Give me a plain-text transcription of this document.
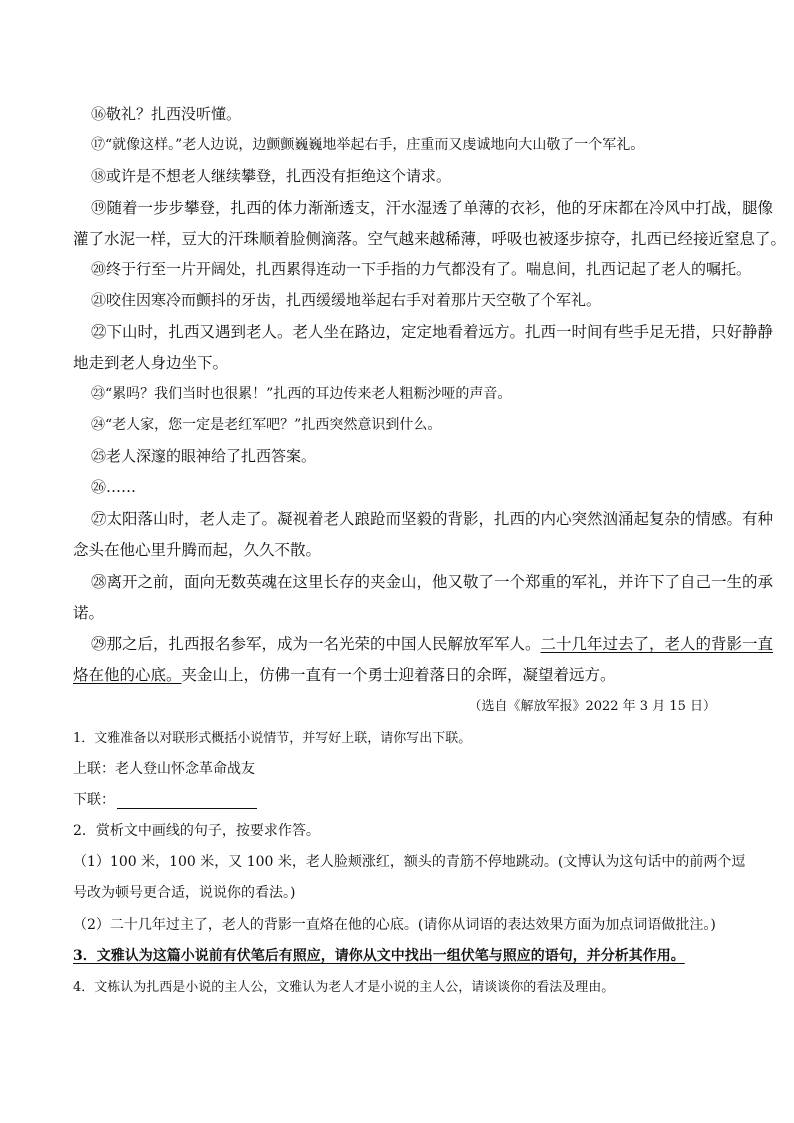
⑯敬礼？扎西没听懂。
⑰“就像这样。”老人边说，边颤颤巍巍地举起右手，庄重而又虔诚地向大山敬了一个军礼。
⑱或许是不想老人继续攀登，扎西没有拒绝这个请求。
⑲随着一步步攀登，扎西的体力渐渐透支，汗水湿透了单薄的衣衫，他的牙床都在冷风中打战，腿像
灌了水泥一样，豆大的汗珠顺着脸侧滴落。空气越来越稀薄，呼吸也被逐步掠夺，扎西已经接近窒息了。
⑳终于行至一片开阔处，扎西累得连动一下手指的力气都没有了。喘息间，扎西记起了老人的嘱托。
㉑咬住因寒冷而颤抖的牙齿，扎西缓缓地举起右手对着那片天空敬了个军礼。
㉒下山时，扎西又遇到老人。老人坐在路边，定定地看着远方。扎西一时间有些手足无措，只好静静
地走到老人身边坐下。
㉓“累吗？我们当时也很累！”扎西的耳边传来老人粗粝沙哑的声音。
㉔“老人家，您一定是老红军吧？”扎西突然意识到什么。
㉕老人深邃的眼神给了扎西答案。
㉖……
㉗太阳落山时，老人走了。凝视着老人踉跄而坚毅的背影，扎西的内心突然汹涌起复杂的情感。有种
念头在他心里升腾而起，久久不散。
㉘离开之前，面向无数英魂在这里长存的夹金山，他又敬了一个郑重的军礼，并许下了自己一生的承
诺。
㉙那之后，扎西报名参军，成为一名光荣的中国人民解放军军人。二十几年过去了，老人的背影一直
烙在他的心底。夹金山上，仿佛一直有一个勇士迎着落日的余晖，凝望着远方。
（选自《解放军报》2022 年 3 月 15 日）
1．文雅准备以对联形式概括小说情节，并写好上联，请你写出下联。
上联：老人登山怀念革命战友
下联：
2．赏析文中画线的句子，按要求作答。
（1）100 米，100 米，又 100 米，老人脸颊涨红，额头的青筋不停地跳动。(文博认为这句话中的前两个逗
号改为顿号更合适，说说你的看法。)
（2）二十几年过主了，老人的背影一直烙在他的心底。(请你从词语的表达效果方面为加点词语做批注。)
3．文雅认为这篇小说前有伏笔后有照应，请你从文中找出一组伏笔与照应的语句，并分析其作用。
4．文栋认为扎西是小说的主人公，文雅认为老人才是小说的主人公，请谈谈你的看法及理由。
